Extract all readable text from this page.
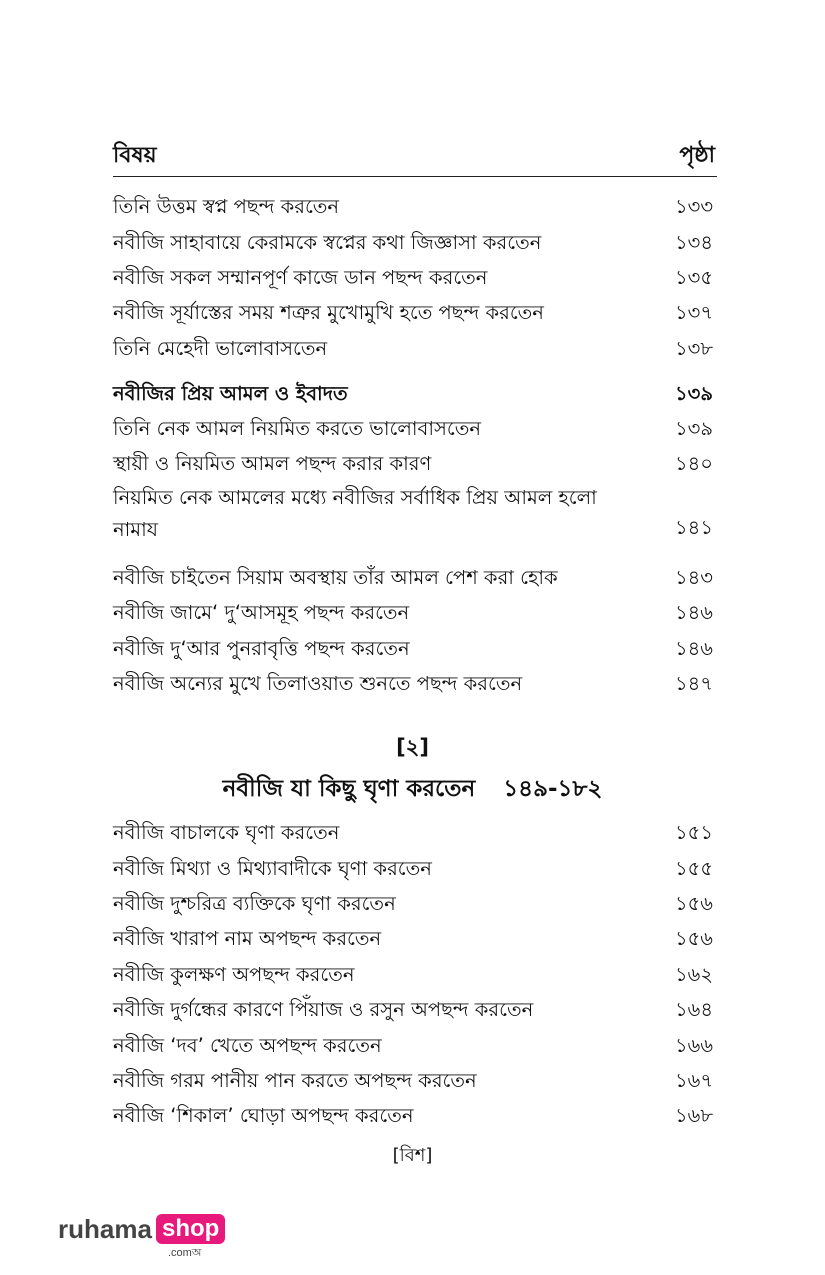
বিষয়	পৃষ্ঠা
তিনি উত্তম স্বপ্ন পছন্দ করতেন	১৩৩
নবীজি সাহাবায়ে কেরামকে স্বপ্নের কথা জিজ্ঞাসা করতেন	১৩৪
নবীজি সকল সম্মানপূর্ণ কাজে ডান পছন্দ করতেন	১৩৫
নবীজি সূর্যাস্তের সময় শত্রুর মুখোমুখি হতে পছন্দ করতেন	১৩৭
তিনি মেহেদী ভালোবাসতেন	১৩৮
নবীজির প্রিয় আমল ও ইবাদত	১৩৯
তিনি নেক আমল নিয়মিত করতে ভালোবাসতেন	১৩৯
স্থায়ী ও নিয়মিত আমল পছন্দ করার কারণ	১৪০
নিয়মিত নেক আমলের মধ্যে নবীজির সর্বাধিক প্রিয় আমল হলো নামায	১৪১
নবীজি চাইতেন সিয়াম অবস্থায় তাঁর আমল পেশ করা হোক	১৪৩
নবীজি জামে‘ দু‘আসমূহ পছন্দ করতেন	১৪৬
নবীজি দু‘আর পুনরাবৃত্তি পছন্দ করতেন	১৪৬
নবীজি অন্যের মুখে তিলাওয়াত শুনতে পছন্দ করতেন	১৪৭
[২]
নবীজি যা কিছু ঘৃণা করতেন ১৪৯-১৮২
নবীজি বাচালকে ঘৃণা করতেন	১৫১
নবীজি মিথ্যা ও মিথ্যাবাদীকে ঘৃণা করতেন	১৫৫
নবীজি দুশ্চরিত্র ব্যক্তিকে ঘৃণা করতেন	১৫৬
নবীজি খারাপ নাম অপছন্দ করতেন	১৫৬
নবীজি কুলক্ষণ অপছন্দ করতেন	১৬২
নবীজি দুর্গন্ধের কারণে পিঁয়াজ ও রসুন অপছন্দ করতেন	১৬৪
নবীজি ‘দব’ খেতে অপছন্দ করতেন	১৬৬
নবীজি গরম পানীয় পান করতে অপছন্দ করতেন	১৬৭
নবীজি ‘শিকাল’ ঘোড়া অপছন্দ করতেন	১৬৮
[বিশ]
ruhama shop
.comঅ
